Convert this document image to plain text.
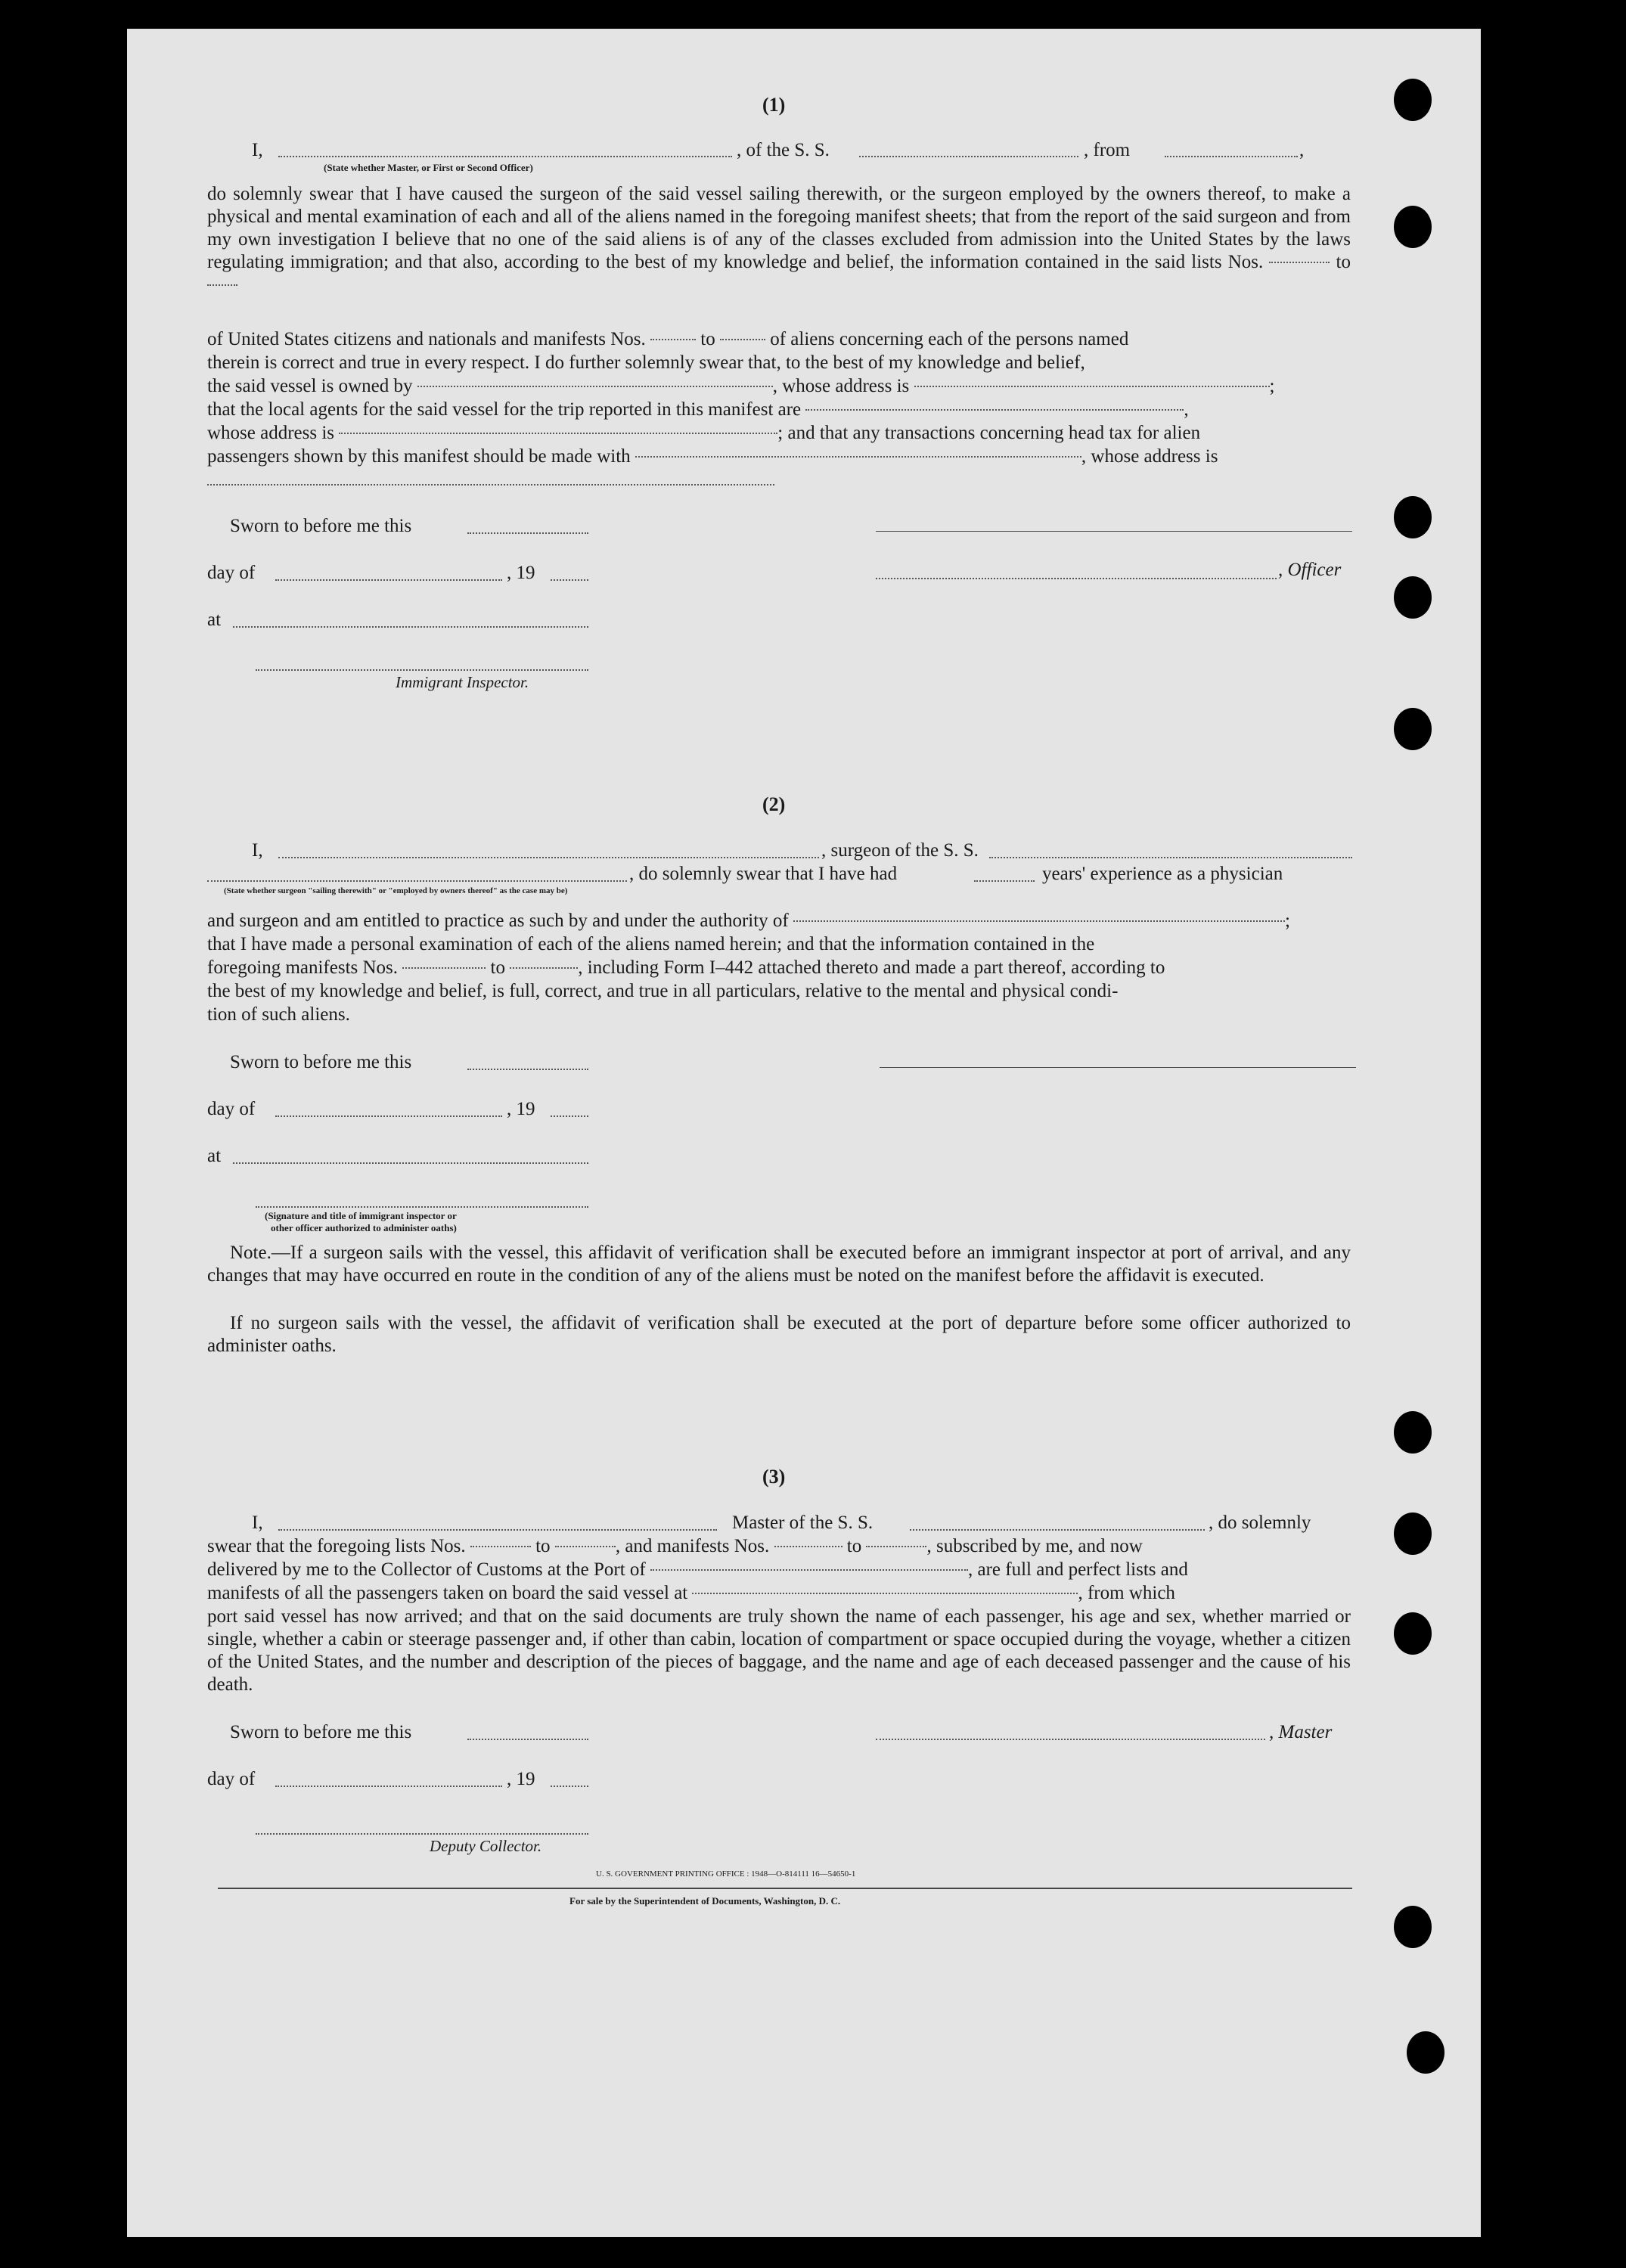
(1)
I,	, of the S. S.	, from	,
(State whether Master, or First or Second Officer)
do solemnly swear that I have caused the surgeon of the said vessel sailing therewith, or the surgeon employed by the owners thereof, to make a physical and mental examination of each and all of the aliens named in the foregoing manifest sheets; that from the report of the said surgeon and from my own investigation I believe that no one of the said aliens is of any of the classes excluded from admission into the United States by the laws regulating immigration; and that also, according to the best of my knowledge and belief, the information contained in the said lists Nos.	to
of United States citizens and nationals and manifests Nos.	to	of aliens concerning each of the persons named
therein is correct and true in every respect. I do further solemnly swear that, to the best of my knowledge and belief,
the said vessel is owned by	, whose address is	;
that the local agents for the said vessel for the trip reported in this manifest are	,
whose address is	; and that any transactions concerning head tax for alien
passengers shown by this manifest should be made with	, whose address is
Sworn to before me this
day of	, 19	, Officer
at
Immigrant Inspector.
(2)
I,	, surgeon of the S. S.
, do solemnly swear that I have had	years' experience as a physician
(State whether surgeon "sailing therewith" or "employed by owners thereof" as the case may be)
and surgeon and am entitled to practice as such by and under the authority of	;
that I have made a personal examination of each of the aliens named herein; and that the information contained in the
foregoing manifests Nos.	to	, including Form I–442 attached thereto and made a part thereof, according to
the best of my knowledge and belief, is full, correct, and true in all particulars, relative to the mental and physical condi-
tion of such aliens.
Sworn to before me this
day of	, 19
at
(Signature and title of immigrant inspector or
other officer authorized to administer oaths)
Note.—If a surgeon sails with the vessel, this affidavit of verification shall be executed before an immigrant inspector at port of arrival, and any changes that may have occurred en route in the condition of any of the aliens must be noted on the manifest before the affidavit is executed.
If no surgeon sails with the vessel, the affidavit of verification shall be executed at the port of departure before some officer authorized to administer oaths.
(3)
I,	Master of the S. S.	, do solemnly
swear that the foregoing lists Nos.	to	, and manifests Nos.	to	, subscribed by me, and now
delivered by me to the Collector of Customs at the Port of	, are full and perfect lists and
manifests of all the passengers taken on board the said vessel at	, from which
port said vessel has now arrived; and that on the said documents are truly shown the name of each passenger, his age and sex, whether married or single, whether a cabin or steerage passenger and, if other than cabin, location of compartment or space occupied during the voyage, whether a citizen of the United States, and the number and description of the pieces of baggage, and the name and age of each deceased passenger and the cause of his death.
Sworn to before me this	, Master
day of	, 19
Deputy Collector.
U. S. GOVERNMENT PRINTING OFFICE : 1948—O-814111 16—54650-1
For sale by the Superintendent of Documents, Washington, D. C.
